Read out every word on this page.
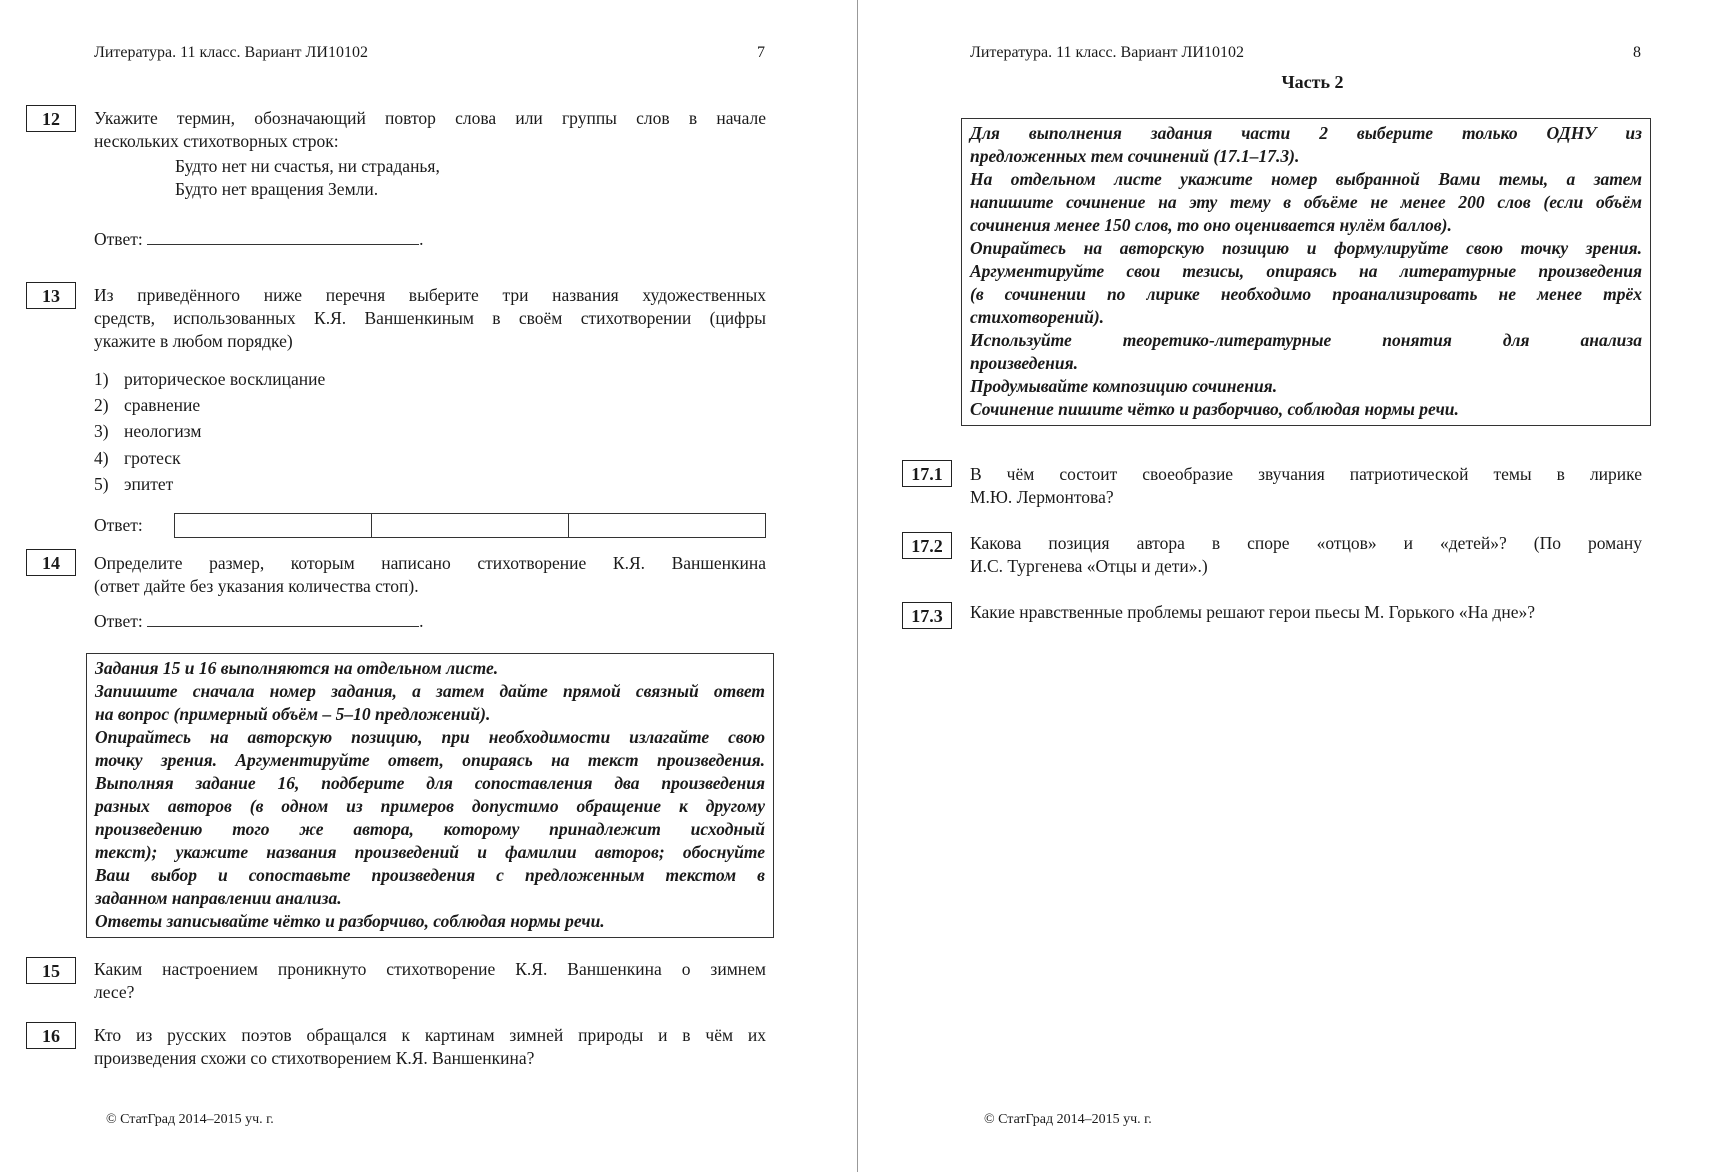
Литература. 11 класс. Вариант ЛИ10102	7
12	Укажите термин, обозначающий повтор слова или группы слов в начале
нескольких стихотворных строк:
Будто нет ни счастья, ни страданья,
Будто нет вращения Земли.
Ответ:	.
13	Из приведённого ниже перечня выберите три названия художественных
средств, использованных К.Я. Ваншенкиным в своём стихотворении (цифры
укажите в любом порядке)
1) риторическое восклицание
2) сравнение
3) неологизм
4) гротеск
5) эпитет
Ответ:
14	Определите размер, которым написано стихотворение К.Я. Ваншенкина
(ответ дайте без указания количества стоп).
Ответ:	.
Задания 15 и 16 выполняются на отдельном листе.
Запишите сначала номер задания, а затем дайте прямой связный ответ
на вопрос (примерный объём – 5–10 предложений).
Опирайтесь на авторскую позицию, при необходимости излагайте свою
точку зрения. Аргументируйте ответ, опираясь на текст произведения.
Выполняя задание 16, подберите для сопоставления два произведения
разных авторов (в одном из примеров допустимо обращение к другому
произведению того же автора, которому принадлежит исходный
текст); укажите названия произведений и фамилии авторов; обоснуйте
Ваш выбор и сопоставьте произведения с предложенным текстом в
заданном направлении анализа.
Ответы записывайте чётко и разборчиво, соблюдая нормы речи.
15	Каким настроением проникнуто стихотворение К.Я. Ваншенкина о зимнем
лесе?
16	Кто из русских поэтов обращался к картинам зимней природы и в чём их
произведения схожи со стихотворением К.Я. Ваншенкина?
© СтатГрад 2014–2015 уч. г.
Литература. 11 класс. Вариант ЛИ10102	8
Часть 2
Для выполнения задания части 2 выберите только ОДНУ из
предложенных тем сочинений (17.1–17.3).
На отдельном листе укажите номер выбранной Вами темы, а затем
напишите сочинение на эту тему в объёме не менее 200 слов (если объём
сочинения менее 150 слов, то оно оценивается нулём баллов).
Опирайтесь на авторскую позицию и формулируйте свою точку зрения.
Аргументируйте свои тезисы, опираясь на литературные произведения
(в сочинении по лирике необходимо проанализировать не менее трёх
стихотворений).
Используйте теоретико-литературные понятия для анализа
произведения.
Продумывайте композицию сочинения.
Сочинение пишите чётко и разборчиво, соблюдая нормы речи.
17.1	В чём состоит своеобразие звучания патриотической темы в лирике
М.Ю. Лермонтова?
17.2	Какова позиция автора в споре «отцов» и «детей»? (По роману
И.С. Тургенева «Отцы и дети».)
17.3	Какие нравственные проблемы решают герои пьесы М. Горького «На дне»?
© СтатГрад 2014–2015 уч. г.
